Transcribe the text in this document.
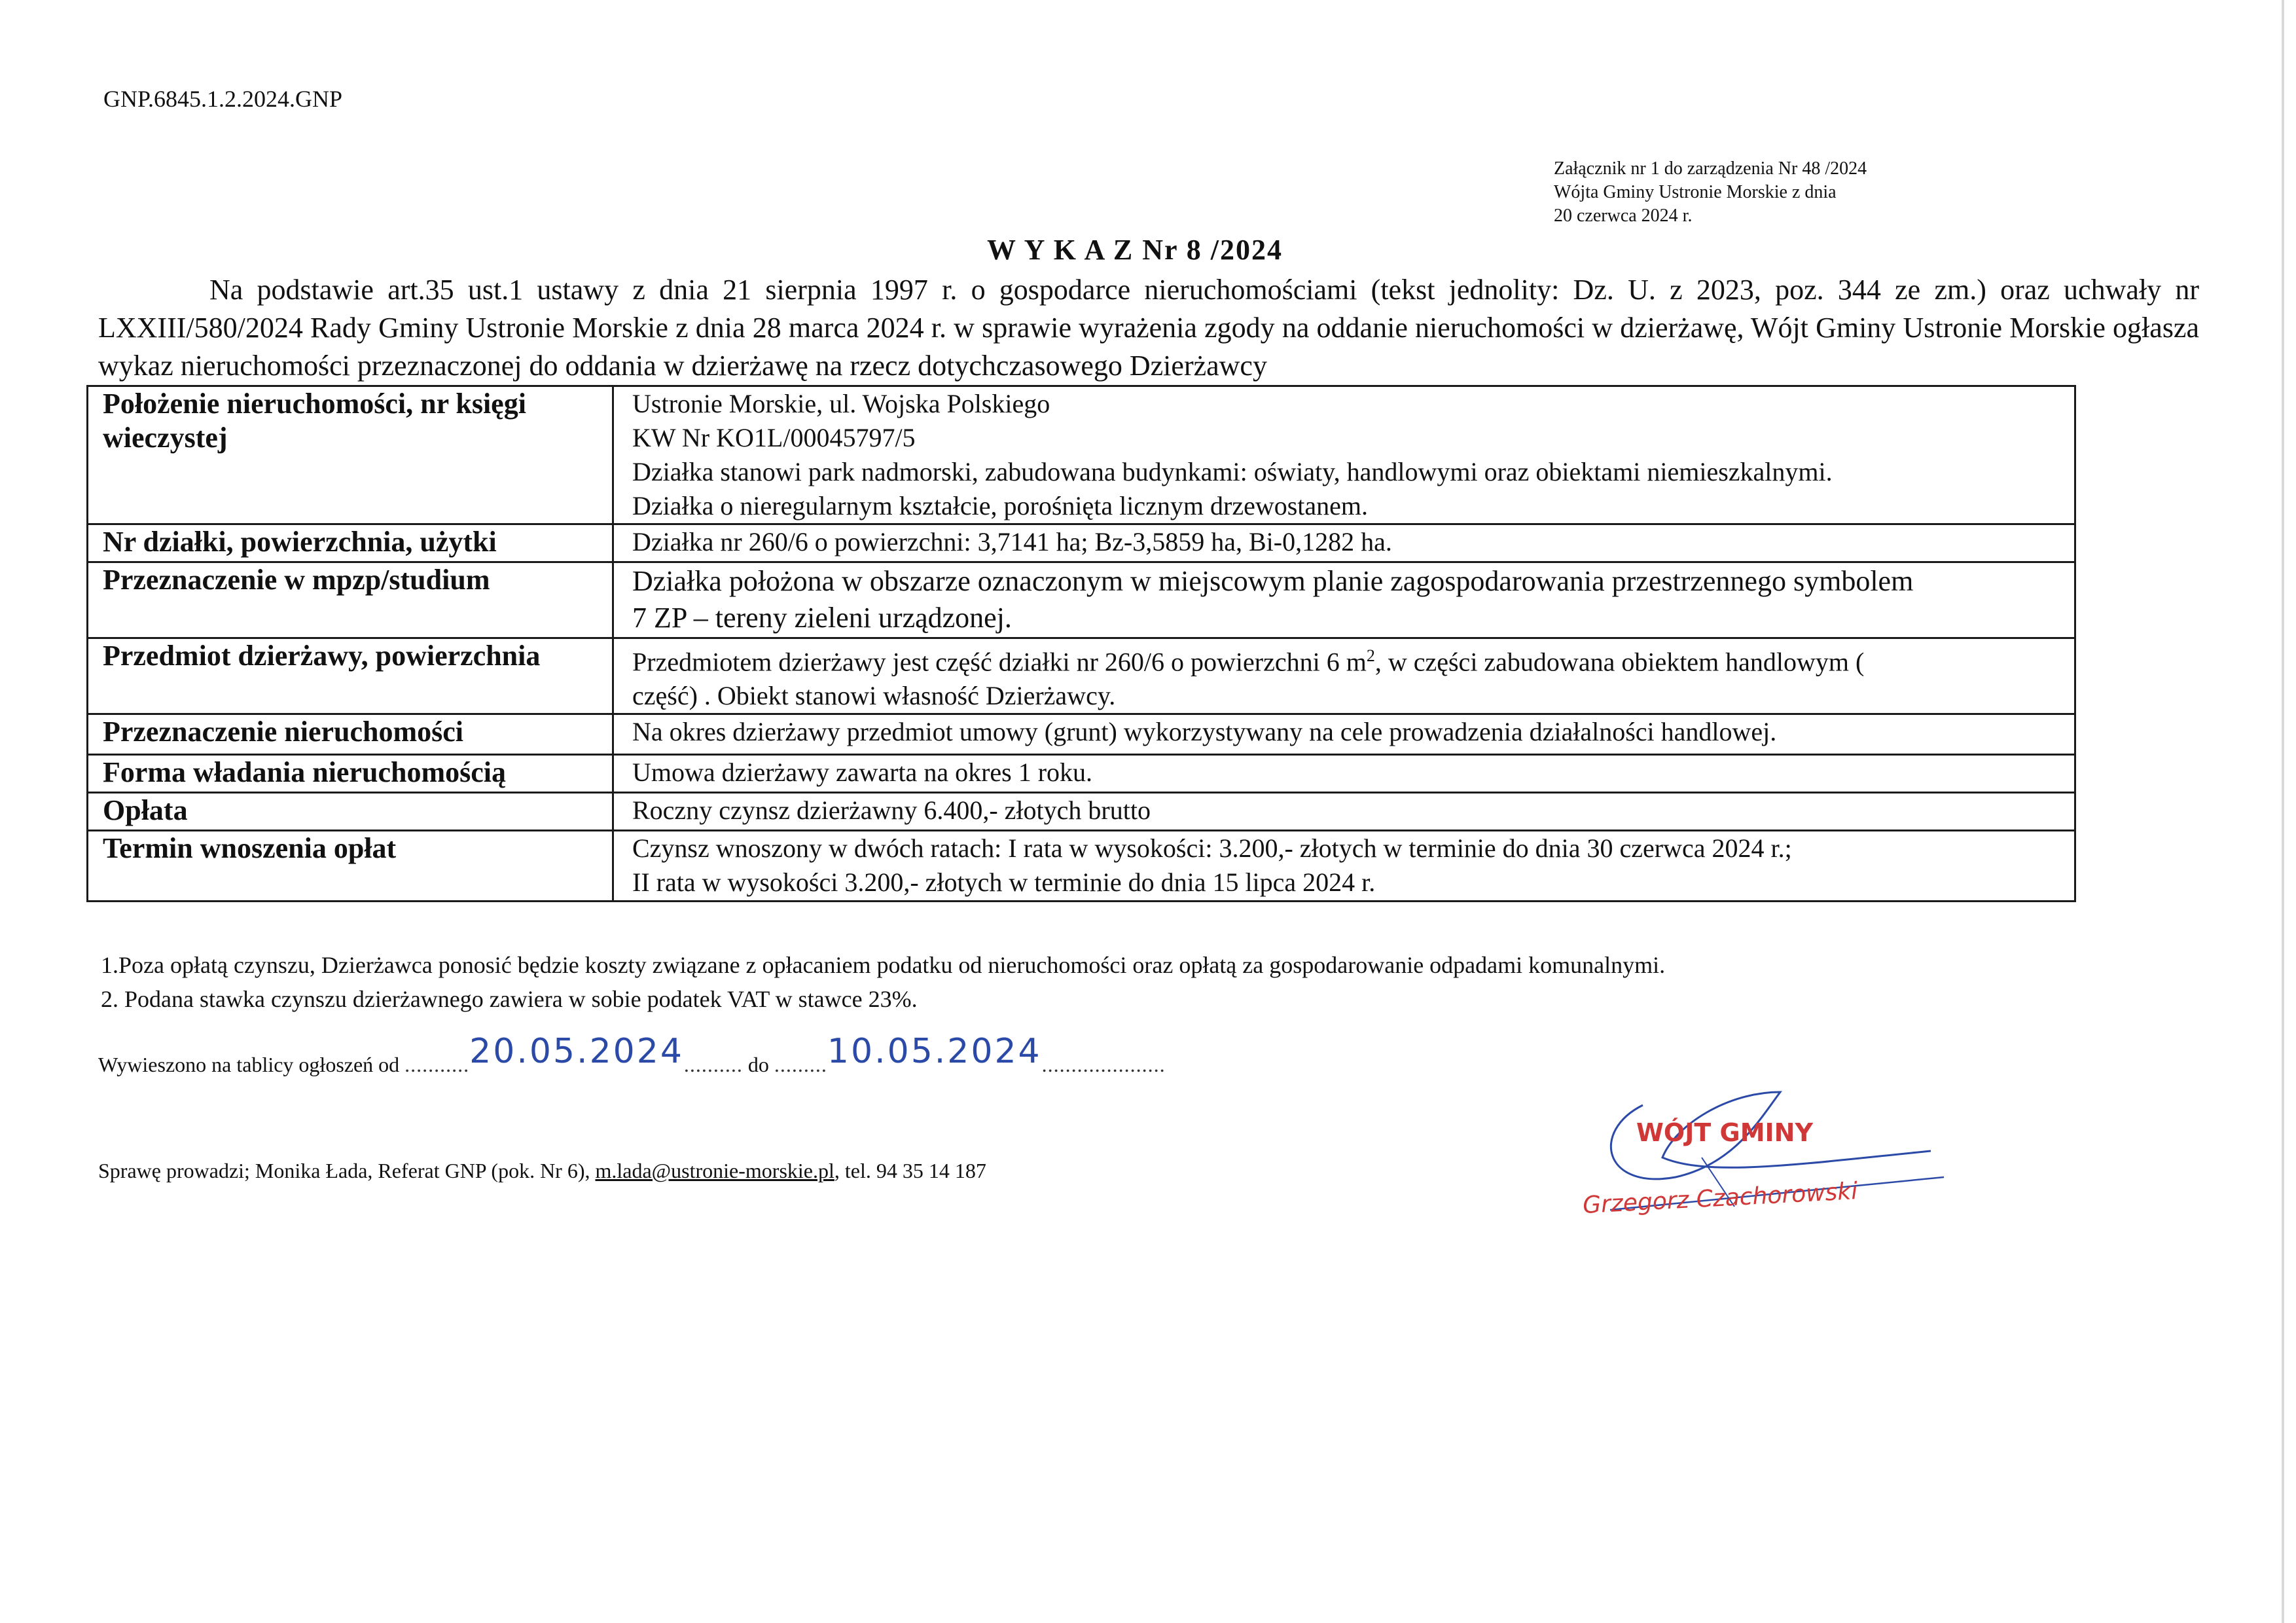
GNP.6845.1.2.2024.GNP
Załącznik nr 1 do zarządzenia Nr 48 /2024
Wójta Gminy Ustronie Morskie z dnia
20 czerwca 2024 r.
W Y K A Z Nr 8 /2024

Na podstawie art.35 ust.1 ustawy z dnia 21 sierpnia 1997 r. o gospodarce nieruchomościami (tekst jednolity: Dz. U. z 2023, poz. 344 ze zm.) oraz uchwały nr LXXIII/580/2024 Rady Gminy Ustronie Morskie z dnia 28 marca 2024 r. w sprawie wyrażenia zgody na oddanie nieruchomości w dzierżawę, Wójt Gminy Ustronie Morskie ogłasza wykaz nieruchomości przeznaczonej do oddania w dzierżawę na rzecz dotychczasowego Dzierżawcy

Położenie nieruchomości, nr księgi wieczystej	Ustronie Morskie, ul. Wojska Polskiego
KW Nr KO1L/00045797/5
Działka stanowi park nadmorski, zabudowana budynkami: oświaty, handlowymi oraz obiektami niemieszkalnymi.
Działka o nieregularnym kształcie, porośnięta licznym drzewostanem.

Nr działki, powierzchnia, użytki	Działka nr 260/6 o powierzchni: 3,7141 ha; Bz-3,5859 ha, Bi-0,1282 ha.

Przeznaczenie w mpzp/studium	Działka położona w obszarze oznaczonym w miejscowym planie zagospodarowania przestrzennego symbolem
7 ZP – tereny zieleni urządzonej.

Przedmiot dzierżawy, powierzchnia	Przedmiotem dzierżawy jest część działki nr 260/6 o powierzchni 6 $m^2$, w części zabudowana obiektem handlowym (
część) . Obiekt stanowi własność Dzierżawcy.

Przeznaczenie nieruchomości	Na okres dzierżawy przedmiot umowy (grunt) wykorzystywany na cele prowadzenia działalności handlowej.

Forma władania nieruchomością	Umowa dzierżawy zawarta na okres 1 roku.

Opłata	Roczny czynsz dzierżawny 6.400,- złotych brutto

Termin wnoszenia opłat	Czynsz wnoszony w dwóch ratach: I rata w wysokości: 3.200,- złotych w terminie do dnia 30 czerwca 2024 r.;
II rata w wysokości 3.200,- złotych w terminie do dnia 15 lipca 2024 r.
1.Poza opłatą czynszu, Dzierżawca ponosić będzie koszty związane z opłacaniem podatku od nieruchomości oraz opłatą za gospodarowanie odpadami komunalnymi.
2. Podana stawka czynszu dzierżawnego zawiera w sobie podatek VAT w stawce 23%.
Wywieszono na tablicy ogłoszeń od ...........20.05.2024.......... do .........10.05.2024.....................
Sprawę prowadzi; Monika Łada, Referat GNP (pok. Nr 6), m.lada@ustronie-morskie.pl, tel. 94 35 14 187
WÓJT GMINY
Grzegorz Czachorowski
